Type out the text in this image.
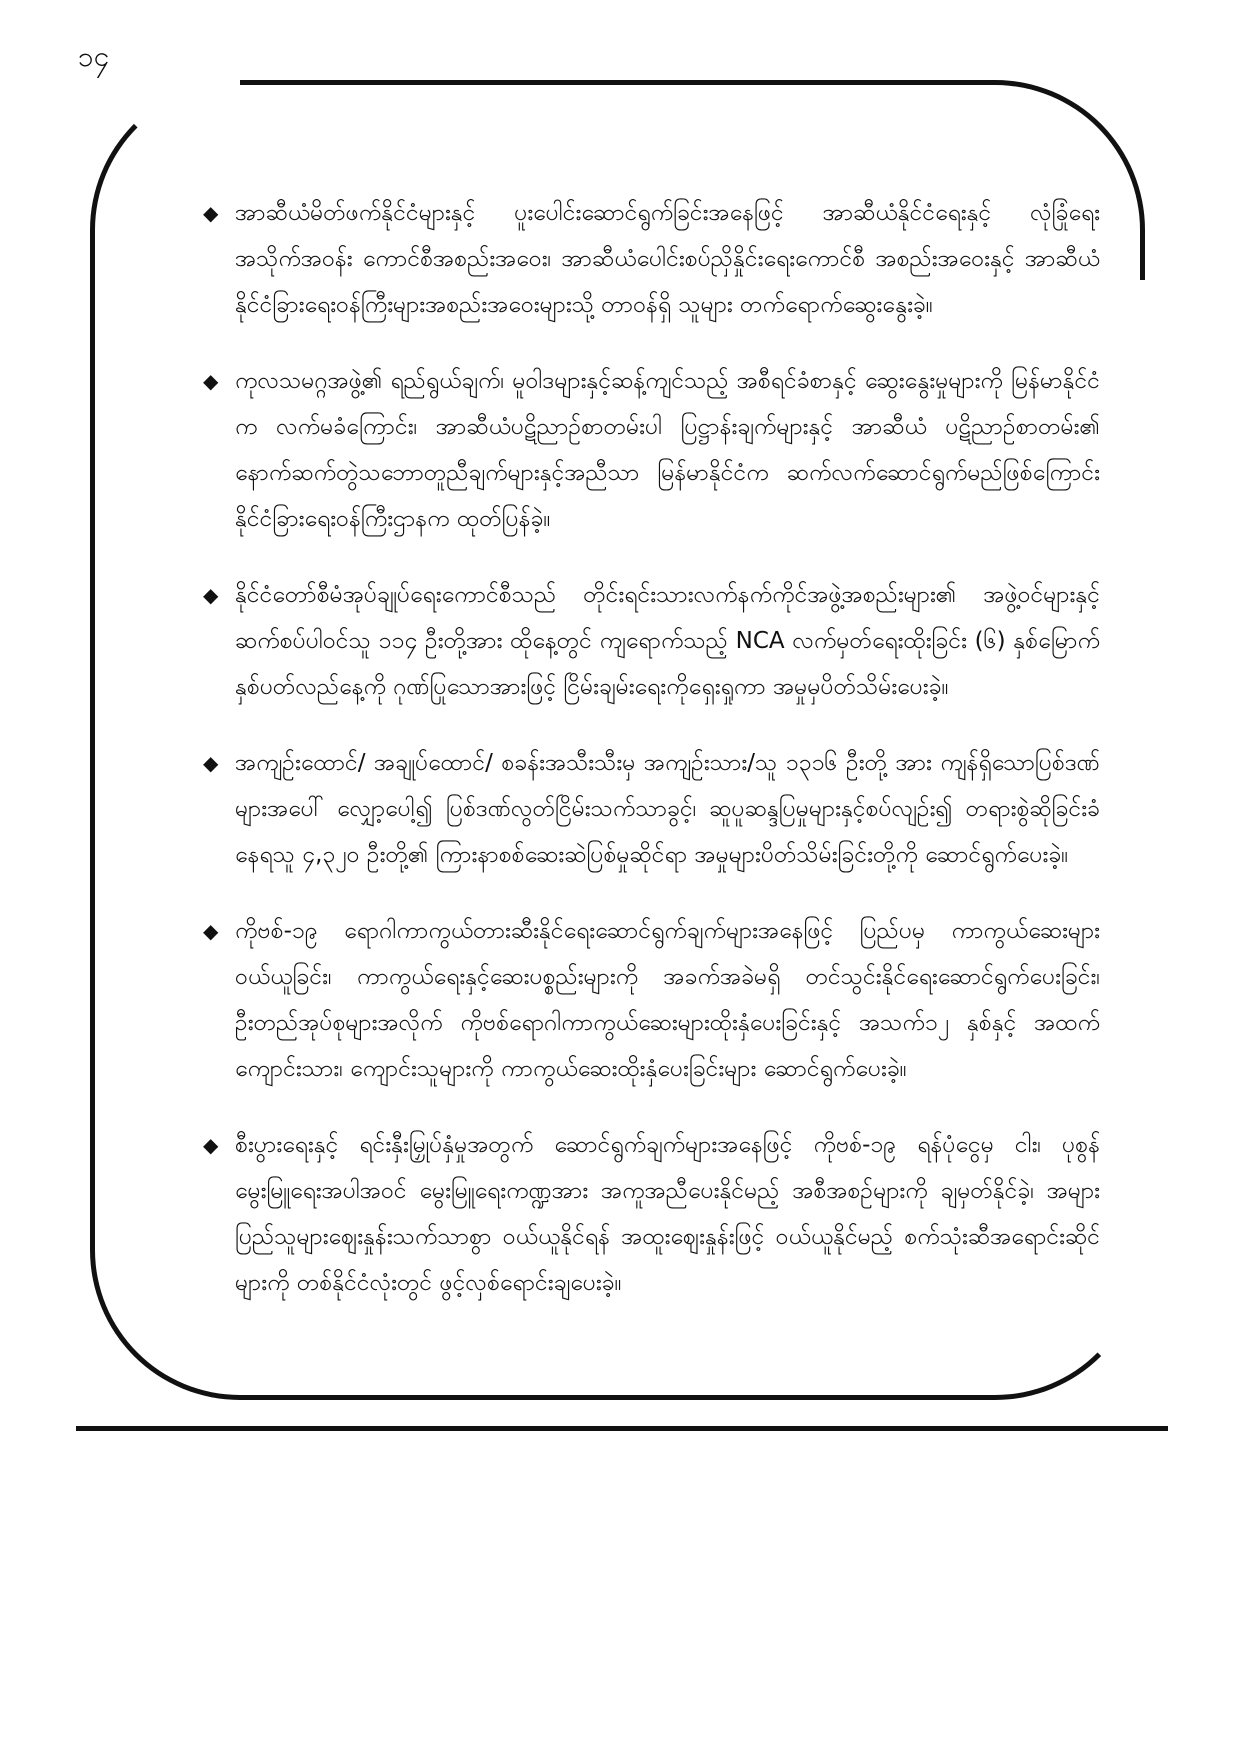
၁၄
◆ အာဆီယံမိတ်ဖက်နိုင်ငံများနှင့် ပူးပေါင်းဆောင်ရွက်ခြင်းအနေဖြင့် အာဆီယံနိုင်ငံရေးနှင့် လုံခြုံရေးအသိုက်အဝန်း ကောင်စီအစည်းအဝေး၊ အာဆီယံပေါင်းစပ်ညှိနှိုင်းရေးကောင်စီ အစည်းအဝေးနှင့် အာဆီယံနိုင်ငံခြားရေးဝန်ကြီးများအစည်းအဝေးများသို့ တာဝန်ရှိ သူများ တက်ရောက်ဆွေးနွေးခဲ့။
◆ ကုလသမဂ္ဂအဖွဲ့၏ ရည်ရွယ်ချက်၊ မူဝါဒများနှင့်ဆန့်ကျင်သည့် အစီရင်ခံစာနှင့် ဆွေးနွေးမှုများကို မြန်မာနိုင်ငံက လက်မခံကြောင်း၊ အာဆီယံပဋိညာဉ်စာတမ်းပါ ပြဋ္ဌာန်းချက်များနှင့် အာဆီယံ ပဋိညာဉ်စာတမ်း၏ နောက်ဆက်တွဲသဘောတူညီချက်များနှင့်အညီသာ မြန်မာနိုင်ငံက ဆက်လက်ဆောင်ရွက်မည်ဖြစ်ကြောင်း နိုင်ငံခြားရေးဝန်ကြီးဌာနက ထုတ်ပြန်ခဲ့။
◆ နိုင်ငံတော်စီမံအုပ်ချုပ်ရေးကောင်စီသည် တိုင်းရင်းသားလက်နက်ကိုင်အဖွဲ့အစည်းများ၏ အဖွဲ့ဝင်များနှင့် ဆက်စပ်ပါဝင်သူ ၁၁၄ ဦးတို့အား ထိုနေ့တွင် ကျရောက်သည့် NCA လက်မှတ်ရေးထိုးခြင်း (၆) နှစ်မြောက် နှစ်ပတ်လည်နေ့ကို ဂုဏ်ပြုသောအားဖြင့် ငြိမ်းချမ်းရေးကိုရှေးရှုကာ အမှုမှပိတ်သိမ်းပေးခဲ့။
◆ အကျဉ်းထောင်/ အချုပ်ထောင်/ စခန်းအသီးသီးမှ အကျဉ်းသား/သူ ၁၃၁၆ ဦးတို့ အား ကျန်ရှိသောပြစ်ဒဏ်များအပေါ် လျှော့ပေါ့၍ ပြစ်ဒဏ်လွတ်ငြိမ်းသက်သာခွင့်၊ ဆူပူဆန္ဒပြမှုများနှင့်စပ်လျဉ်း၍ တရားစွဲဆိုခြင်းခံနေရသူ ၄,၃၂၀ ဦးတို့၏ ကြားနာစစ်ဆေးဆဲပြစ်မှုဆိုင်ရာ အမှုများပိတ်သိမ်းခြင်းတို့ကို ဆောင်ရွက်ပေးခဲ့။
◆ ကိုဗစ်-၁၉ ရောဂါကာကွယ်တားဆီးနိုင်ရေးဆောင်ရွက်ချက်များအနေဖြင့် ပြည်ပမှ ကာကွယ်ဆေးများဝယ်ယူခြင်း၊ ကာကွယ်ရေးနှင့်ဆေးပစ္စည်းများကို အခက်အခဲမရှိ တင်သွင်းနိုင်ရေးဆောင်ရွက်ပေးခြင်း၊ ဦးတည်အုပ်စုများအလိုက် ကိုဗစ်ရောဂါကာကွယ်ဆေးများထိုးနှံပေးခြင်းနှင့် အသက်၁၂ နှစ်နှင့် အထက် ကျောင်းသား၊ ကျောင်းသူများကို ကာကွယ်ဆေးထိုးနှံပေးခြင်းများ ဆောင်ရွက်ပေးခဲ့။
◆ စီးပွားရေးနှင့် ရင်းနှီးမြှုပ်နှံမှုအတွက် ဆောင်ရွက်ချက်များအနေဖြင့် ကိုဗစ်-၁၉ ရန်ပုံငွေမှ ငါး၊ ပုစွန်မွေးမြူရေးအပါအဝင် မွေးမြူရေးကဏ္ဍအား အကူအညီပေးနိုင်မည့် အစီအစဉ်များကို ချမှတ်နိုင်ခဲ့၊ အများပြည်သူများဈေးနှုန်းသက်သာစွာ ဝယ်ယူနိုင်ရန် အထူးဈေးနှုန်းဖြင့် ဝယ်ယူနိုင်မည့် စက်သုံးဆီအရောင်းဆိုင်များကို တစ်နိုင်ငံလုံးတွင် ဖွင့်လှစ်ရောင်းချပေးခဲ့။
